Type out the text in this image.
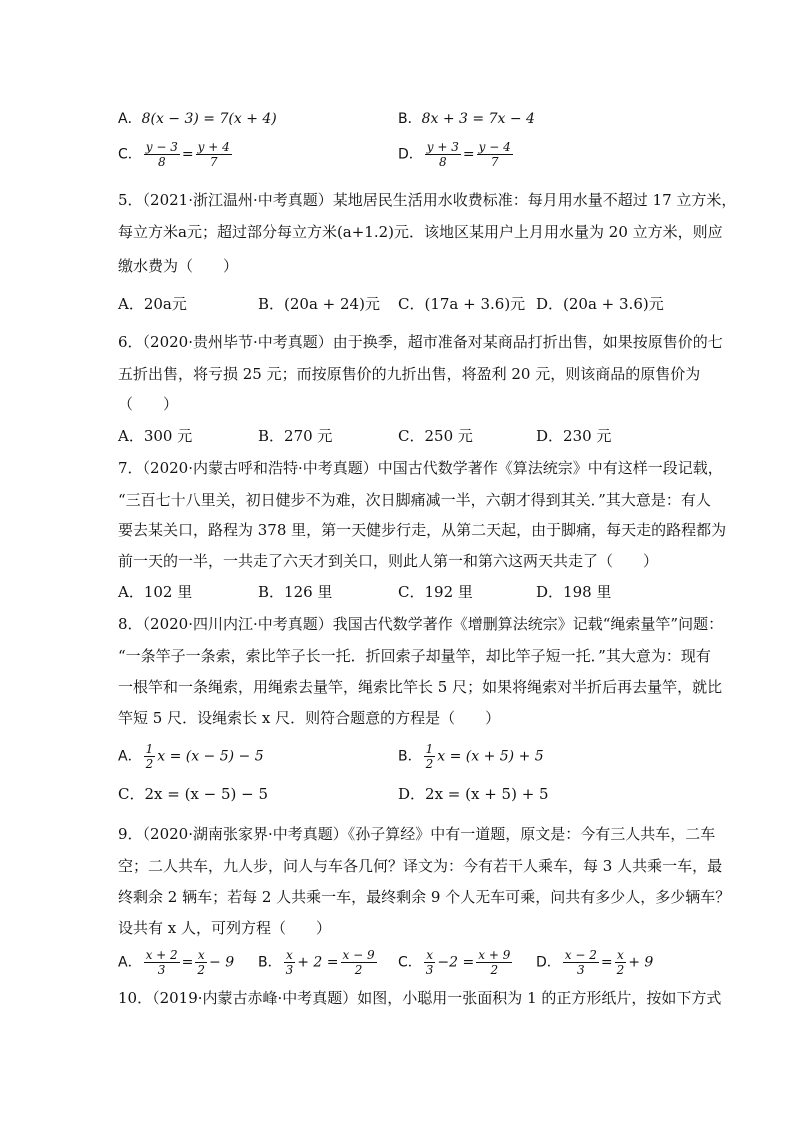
A．8(x − 3) = 7(x + 4)	B．8x + 3 = 7x − 4
C． $\frac{y - 3}{8} = \frac{y + 4}{7}$	D． $\frac{y + 3}{8} = \frac{y - 4}{7}$
5．（2021·浙江温州·中考真题）某地居民生活用水收费标准：每月用水量不超过 17 立方米，
每立方米a元；超过部分每立方米(a+1.2)元．该地区某用户上月用水量为 20 立方米，则应
缴水费为（　　）
A．20a元	B．(20a + 24)元 C．(17a + 3.6)元 D．(20a + 3.6)元
6．（2020·贵州毕节·中考真题）由于换季，超市准备对某商品打折出售，如果按原售价的七
五折出售，将亏损 25 元；而按原售价的九折出售，将盈利 20 元，则该商品的原售价为
（　　）
A．300 元	B．270 元	C．250 元	D．230 元
7．（2020·内蒙古呼和浩特·中考真题）中国古代数学著作《算法统宗》中有这样一段记载，
“三百七十八里关，初日健步不为难，次日脚痛减一半，六朝才得到其关．”其大意是：有人
要去某关口，路程为 378 里，第一天健步行走，从第二天起，由于脚痛，每天走的路程都为
前一天的一半，一共走了六天才到关口，则此人第一和第六这两天共走了（　　）
A．102 里	B．126 里	C．192 里	D．198 里
8．（2020·四川内江·中考真题）我国古代数学著作《增删算法统宗》记载“绳索量竿”问题：
“一条竿子一条索，索比竿子长一托．折回索子却量竿，却比竿子短一托．”其大意为：现有
一根竿和一条绳索，用绳索去量竿，绳索比竿长 5 尺；如果将绳索对半折后再去量竿，就比
竿短 5 尺．设绳索长 x 尺．则符合题意的方程是（　　）
A． $\frac{1}{2}$ x = (x − 5) − 5	B． $\frac{1}{2}$ x = (x + 5) + 5
C．2x = (x − 5) − 5	D．2x = (x + 5) + 5
9．（2020·湖南张家界·中考真题）《孙子算经》中有一道题，原文是：今有三人共车，二车
空；二人共车，九人步，问人与车各几何？译文为：今有若干人乘车，每 3 人共乘一车，最
终剩余 2 辆车；若每 2 人共乘一车，最终剩余 9 个人无车可乘，问共有多少人，多少辆车？
设共有 x 人，可列方程（　　）
A． $\frac{x + 2}{3} = \frac{x}{2} - 9$ B． $\frac{x}{3} + 2 = \frac{x - 9}{2}$ C． $\frac{x}{3} -2 = \frac{x + 9}{2}$ D． $\frac{x - 2}{3} = \frac{x}{2} + 9$
10．（2019·内蒙古赤峰·中考真题）如图，小聪用一张面积为 1 的正方形纸片，按如下方式
